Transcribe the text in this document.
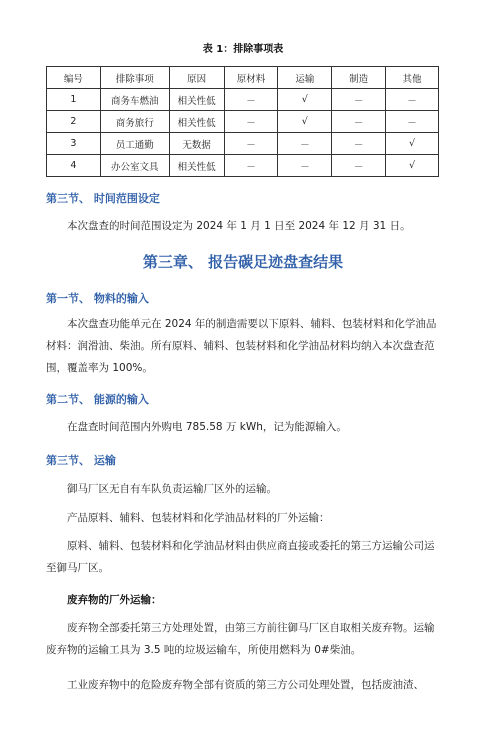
表 1：排除事项表
编号	排除事项	原因	原材料	运输	制造	其他
1	商务车燃油	相关性低	－	√	－	－
2	商务旅行	相关性低	－	√	－	－
3	员工通勤	无数据	－	－	－	√
4	办公室文具	相关性低	－	－	－	√
第三节、 时间范围设定
本次盘查的时间范围设定为 2024 年 1 月 1 日至 2024 年 12 月 31 日。
第三章、 报告碳足迹盘查结果
第一节、 物料的输入
本次盘查功能单元在 2024 年的制造需要以下原料、辅料、包装材料和化学油品材料：润滑油、柴油。所有原料、辅料、包装材料和化学油品材料均纳入本次盘查范围，覆盖率为 100%。
第二节、 能源的输入
在盘查时间范围内外购电 785.58 万 kWh，记为能源输入。
第三节、 运输
御马厂区无自有车队负责运输厂区外的运输。
产品原料、辅料、包装材料和化学油品材料的厂外运输：
原料、辅料、包装材料和化学油品材料由供应商直接或委托的第三方运输公司运至御马厂区。
废弃物的厂外运输：
废弃物全部委托第三方处理处置，由第三方前往御马厂区自取相关废弃物。运输废弃物的运输工具为 3.5 吨的垃圾运输车，所使用燃料为 0#柴油。
工业废弃物中的危险废弃物全部有资质的第三方公司处理处置，包括废油渣、
